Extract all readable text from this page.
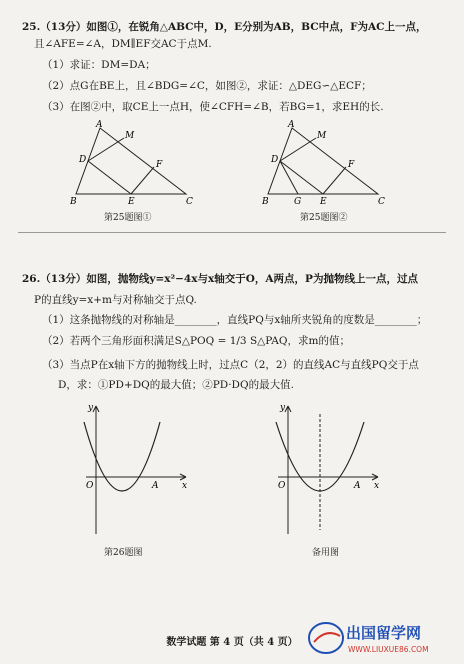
25.（13分）如图①，在锐角△ABC中，D，E分别为AB，BC中点，F为AC上一点，
且∠AFE=∠A，DM∥EF交AC于点M.
（1）求证：DM=DA；
（2）点G在BE上，且∠BDG=∠C，如图②，求证：△DEG∽△ECF；
（3）在图②中，取CE上一点H，使∠CFH=∠B，若BG=1，求EH的长.
A
M
D	F
B	E	C
第25题图①
A
M
D	F
B	G E	C
第25题图②
26.（13分）如图，抛物线y=x²−4x与x轴交于O，A两点，P为抛物线上一点，过点
P的直线y=x+m与对称轴交于点Q.
（1）这条抛物线的对称轴是________，直线PQ与x轴所夹锐角的度数是________；
（2）若两个三角形面积满足S△POQ = 1/3 S△PAQ，求m的值；
（3）当点P在x轴下方的抛物线上时，过点C（2，2）的直线AC与直线PQ交于点
D，求：①PD+DQ的最大值；②PD·DQ的最大值.
y
x
O	A
第26题图
y
x
O	A
备用图
数学试题 第 4 页（共 4 页）
出国留学网
WWW.LIUXUE86.COM
